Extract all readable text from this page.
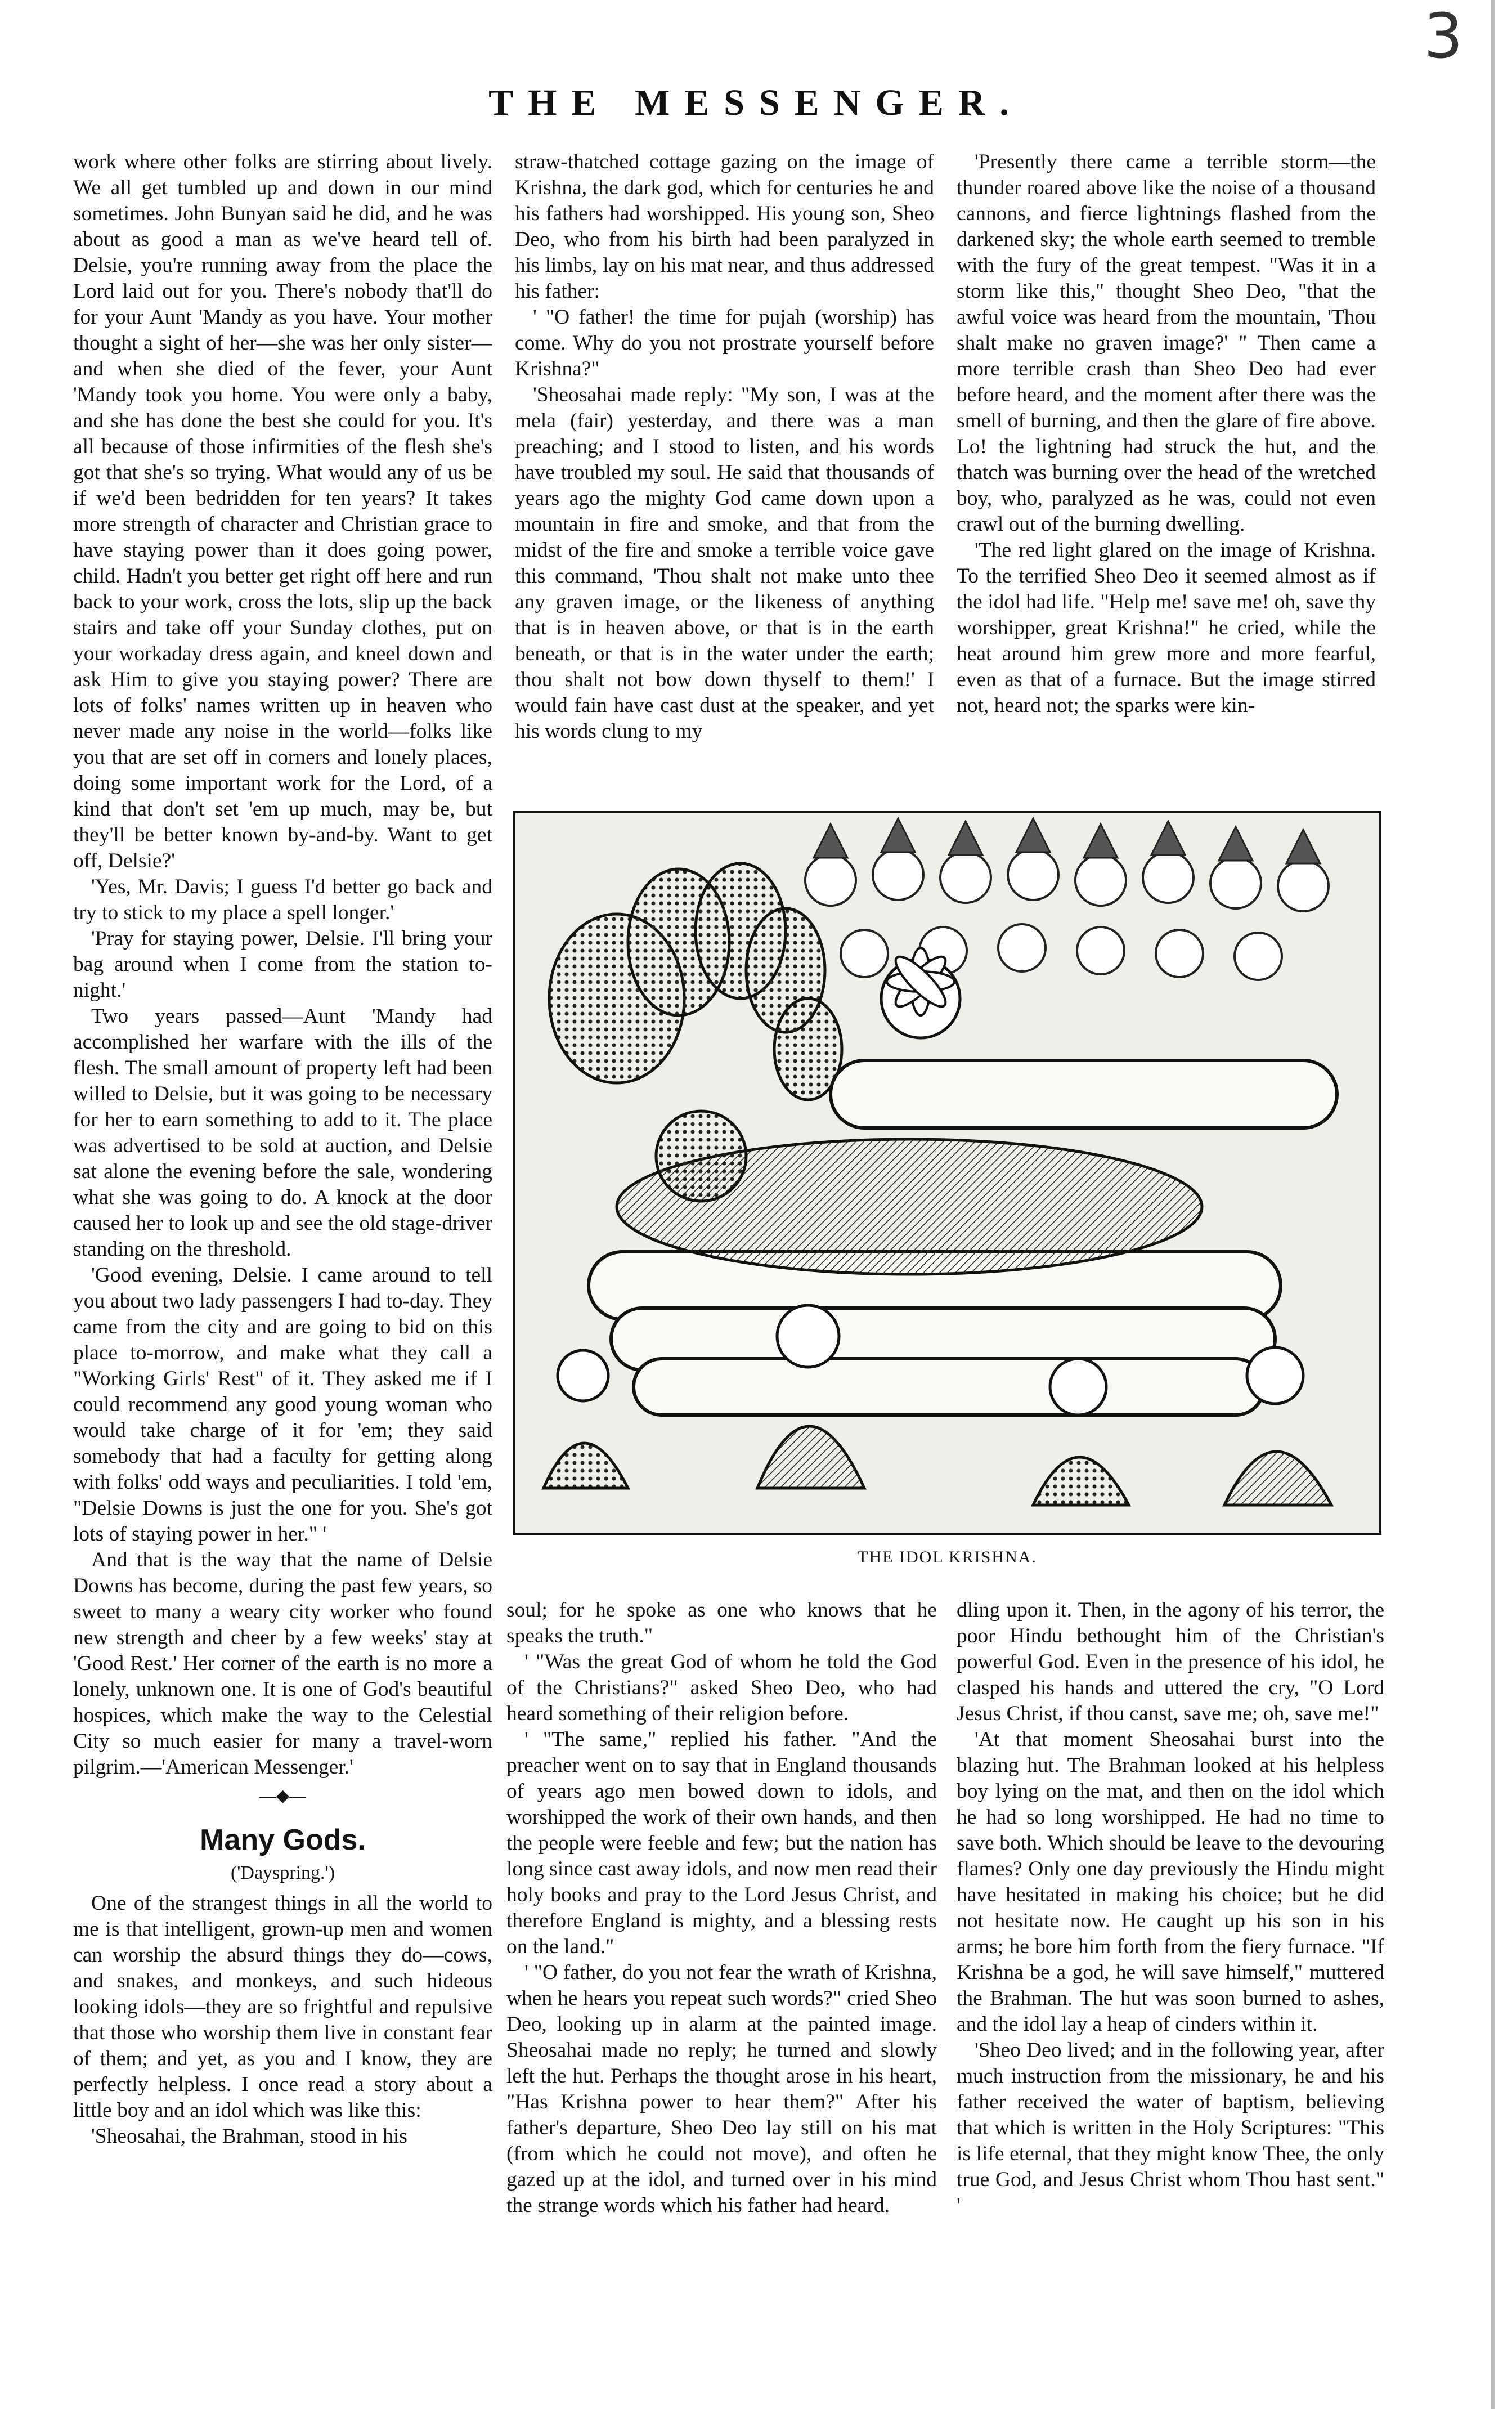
3
THE MESSENGER.

work where other folks are stirring about lively. We all get tumbled up and down in our mind sometimes. John Bunyan said he did, and he was about as good a man as we've heard tell of. Delsie, you're running away from the place the Lord laid out for you. There's nobody that'll do for your Aunt 'Mandy as you have. Your mother thought a sight of her—she was her only sister—and when she died of the fever, your Aunt 'Mandy took you home. You were only a baby, and she has done the best she could for you. It's all because of those infirmities of the flesh she's got that she's so trying. What would any of us be if we'd been bedridden for ten years? It takes more strength of character and Christian grace to have staying power than it does going power, child. Hadn't you better get right off here and run back to your work, cross the lots, slip up the back stairs and take off your Sunday clothes, put on your workaday dress again, and kneel down and ask Him to give you staying power? There are lots of folks' names written up in heaven who never made any noise in the world—folks like you that are set off in corners and lonely places, doing some important work for the Lord, of a kind that don't set 'em up much, may be, but they'll be better known by-and-by. Want to get off, Delsie?'

'Yes, Mr. Davis; I guess I'd better go back and try to stick to my place a spell longer.'

'Pray for staying power, Delsie. I'll bring your bag around when I come from the station to-night.'

Two years passed—Aunt 'Mandy had accomplished her warfare with the ills of the flesh. The small amount of property left had been willed to Delsie, but it was going to be necessary for her to earn something to add to it. The place was advertised to be sold at auction, and Delsie sat alone the evening before the sale, wondering what she was going to do. A knock at the door caused her to look up and see the old stage-driver standing on the threshold.

'Good evening, Delsie. I came around to tell you about two lady passengers I had to-day. They came from the city and are going to bid on this place to-morrow, and make what they call a "Working Girls' Rest" of it. They asked me if I could recommend any good young woman who would take charge of it for 'em; they said somebody that had a faculty for getting along with folks' odd ways and peculiarities. I told 'em, "Delsie Downs is just the one for you. She's got lots of staying power in her." '

And that is the way that the name of Delsie Downs has become, during the past few years, so sweet to many a weary city worker who found new strength and cheer by a few weeks' stay at 'Good Rest.' Her corner of the earth is no more a lonely, unknown one. It is one of God's beautiful hospices, which make the way to the Celestial City so much easier for many a travel-worn pilgrim.—'American Messenger.'

—◆—
Many Gods.
('Dayspring.')

One of the strangest things in all the world to me is that intelligent, grown-up men and women can worship the absurd things they do—cows, and snakes, and monkeys, and such hideous looking idols—they are so frightful and repulsive that those who worship them live in constant fear of them; and yet, as you and I know, they are perfectly helpless. I once read a story about a little boy and an idol which was like this:

'Sheosahai, the Brahman, stood in his

straw-thatched cottage gazing on the image of Krishna, the dark god, which for centuries he and his fathers had worshipped. His young son, Sheo Deo, who from his birth had been paralyzed in his limbs, lay on his mat near, and thus addressed his father:

' "O father! the time for pujah (worship) has come. Why do you not prostrate yourself before Krishna?"

'Sheosahai made reply: "My son, I was at the mela (fair) yesterday, and there was a man preaching; and I stood to listen, and his words have troubled my soul. He said that thousands of years ago the mighty God came down upon a mountain in fire and smoke, and that from the midst of the fire and smoke a terrible voice gave this command, 'Thou shalt not make unto thee any graven image, or the likeness of anything that is in heaven above, or that is in the earth beneath, or that is in the water under the earth; thou shalt not bow down thyself to them!' I would fain have cast dust at the speaker, and yet his words clung to my

'Presently there came a terrible storm—the thunder roared above like the noise of a thousand cannons, and fierce lightnings flashed from the darkened sky; the whole earth seemed to tremble with the fury of the great tempest. "Was it in a storm like this," thought Sheo Deo, "that the awful voice was heard from the mountain, 'Thou shalt make no graven image?' " Then came a more terrible crash than Sheo Deo had ever before heard, and the moment after there was the smell of burning, and then the glare of fire above. Lo! the lightning had struck the hut, and the thatch was burning over the head of the wretched boy, who, paralyzed as he was, could not even crawl out of the burning dwelling.

'The red light glared on the image of Krishna. To the terrified Sheo Deo it seemed almost as if the idol had life. "Help me! save me! oh, save thy worshipper, great Krishna!" he cried, while the heat around him grew more and more fearful, even as that of a furnace. But the image stirred not, heard not; the sparks were kin-

THE IDOL KRISHNA.

soul; for he spoke as one who knows that he speaks the truth."

' "Was the great God of whom he told the God of the Christians?" asked Sheo Deo, who had heard something of their religion before.

' "The same," replied his father. "And the preacher went on to say that in England thousands of years ago men bowed down to idols, and worshipped the work of their own hands, and then the people were feeble and few; but the nation has long since cast away idols, and now men read their holy books and pray to the Lord Jesus Christ, and therefore England is mighty, and a blessing rests on the land."

' "O father, do you not fear the wrath of Krishna, when he hears you repeat such words?" cried Sheo Deo, looking up in alarm at the painted image. Sheosahai made no reply; he turned and slowly left the hut. Perhaps the thought arose in his heart, "Has Krishna power to hear them?" After his father's departure, Sheo Deo lay still on his mat (from which he could not move), and often he gazed up at the idol, and turned over in his mind the strange words which his father had heard.

dling upon it. Then, in the agony of his terror, the poor Hindu bethought him of the Christian's powerful God. Even in the presence of his idol, he clasped his hands and uttered the cry, "O Lord Jesus Christ, if thou canst, save me; oh, save me!"

'At that moment Sheosahai burst into the blazing hut. The Brahman looked at his helpless boy lying on the mat, and then on the idol which he had so long worshipped. He had no time to save both. Which should be leave to the devouring flames? Only one day previously the Hindu might have hesitated in making his choice; but he did not hesitate now. He caught up his son in his arms; he bore him forth from the fiery furnace. "If Krishna be a god, he will save himself," muttered the Brahman. The hut was soon burned to ashes, and the idol lay a heap of cinders within it.

'Sheo Deo lived; and in the following year, after much instruction from the missionary, he and his father received the water of baptism, believing that which is written in the Holy Scriptures: "This is life eternal, that they might know Thee, the only true God, and Jesus Christ whom Thou hast sent." '
